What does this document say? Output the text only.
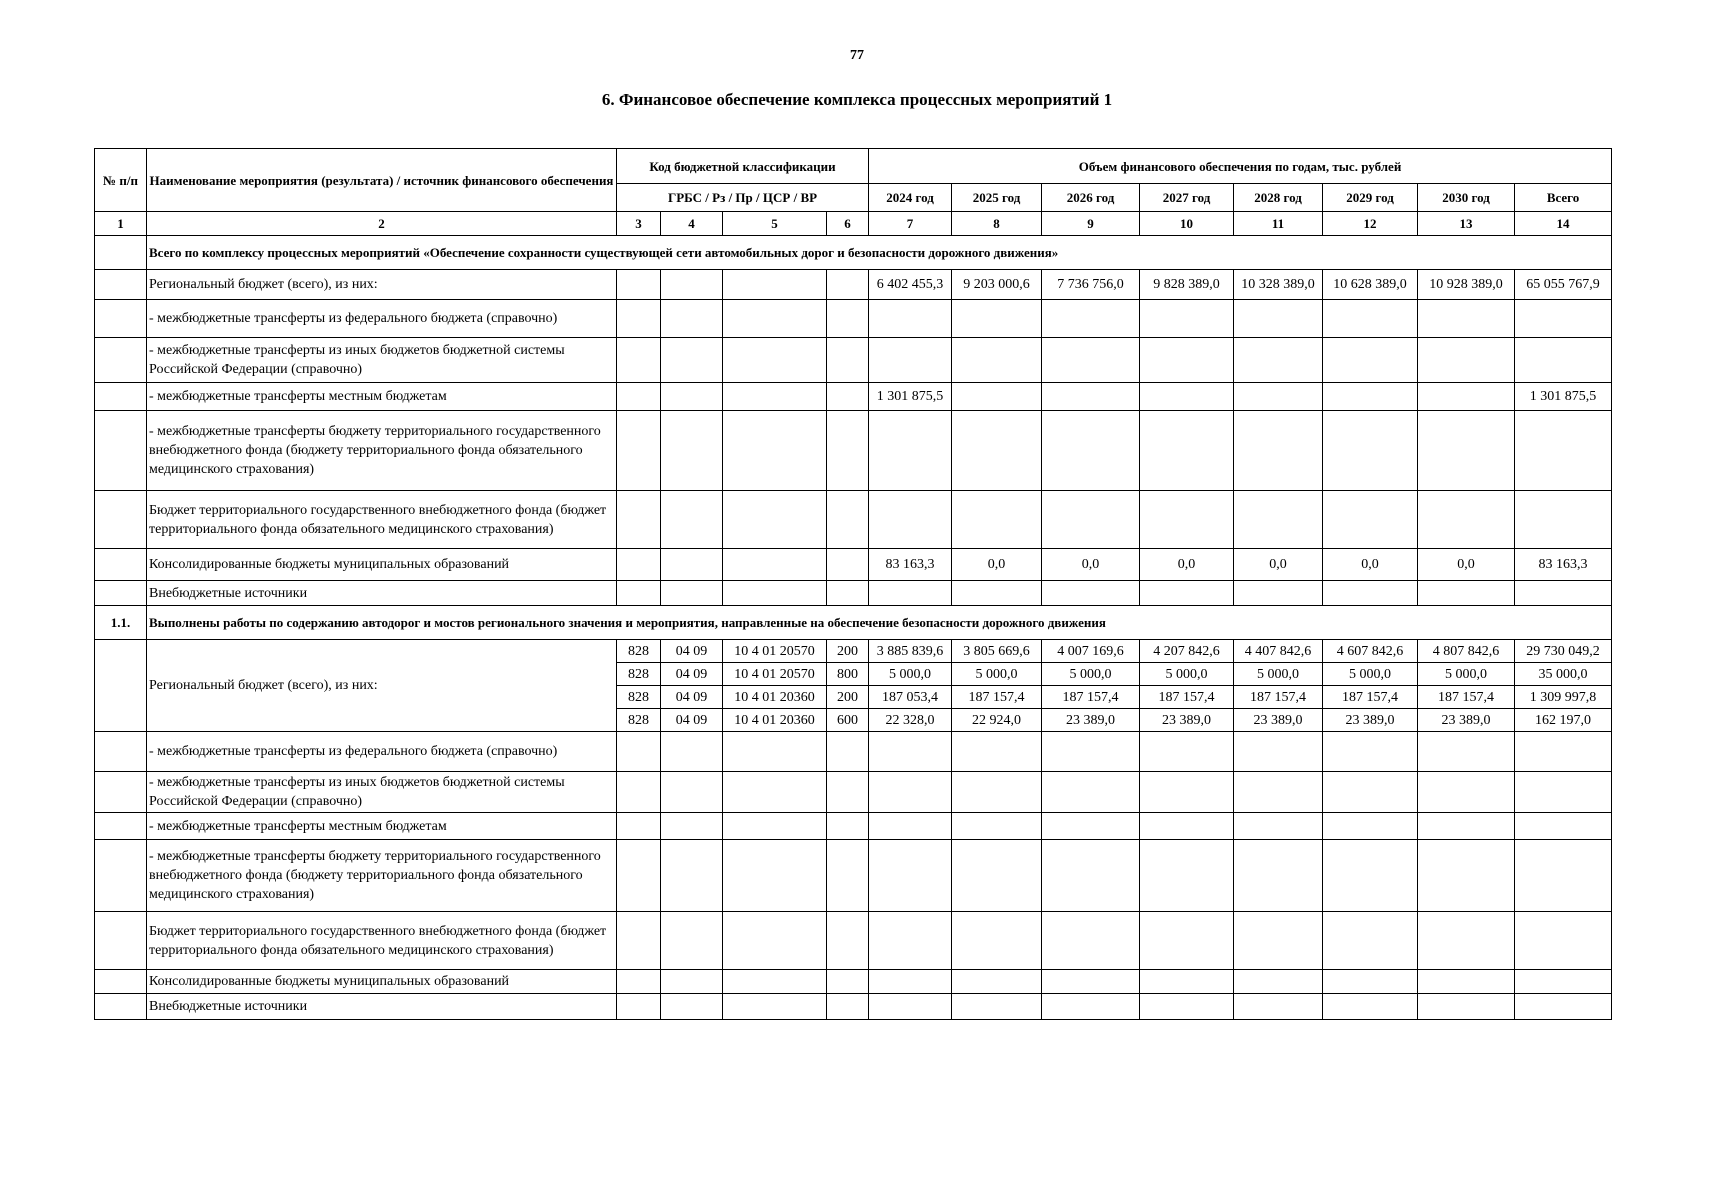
77
6. Финансовое обеспечение комплекса процессных мероприятий 1
№ п/п	Наименование мероприятия (результата) / источник финансового обеспечения	Код бюджетной классификации				Объем финансового обеспечения по годам, тыс. рублей							
		ГРБС / Рз / Пр / ЦСР / ВР				2024 год	2025 год	2026 год	2027 год	2028 год	2029 год	2030 год	Всего
1	2	3	4	5	6	7	8	9	10	11	12	13	14
	Всего по комплексу процессных мероприятий «Обеспечение сохранности существующей сети автомобильных дорог и безопасности дорожного движения»												
	Региональный бюджет (всего), из них:					6 402 455,3	9 203 000,6	7 736 756,0	9 828 389,0	10 328 389,0	10 628 389,0	10 928 389,0	65 055 767,9
	- межбюджетные трансферты из федерального бюджета (справочно)												
	- межбюджетные трансферты из иных бюджетов бюджетной системы Российской Федерации (справочно)												
	- межбюджетные трансферты местным бюджетам					1 301 875,5							1 301 875,5
	- межбюджетные трансферты бюджету территориального государственного внебюджетного фонда (бюджету территориального фонда обязательного медицинского страхования)												
	Бюджет территориального государственного внебюджетного фонда (бюджет территориального фонда обязательного медицинского страхования)												
	Консолидированные бюджеты муниципальных образований					83 163,3	0,0	0,0	0,0	0,0	0,0	0,0	83 163,3
	Внебюджетные источники												
1.1.	Выполнены работы по содержанию автодорог и мостов регионального значения и мероприятия, направленные на обеспечение безопасности дорожного движения												
	Региональный бюджет (всего), из них:	828	04 09	10 4 01 20570	200	3 885 839,6	3 805 669,6	4 007 169,6	4 207 842,6	4 407 842,6	4 607 842,6	4 807 842,6	29 730 049,2
		828	04 09	10 4 01 20570	800	5 000,0	5 000,0	5 000,0	5 000,0	5 000,0	5 000,0	5 000,0	35 000,0
		828	04 09	10 4 01 20360	200	187 053,4	187 157,4	187 157,4	187 157,4	187 157,4	187 157,4	187 157,4	1 309 997,8
		828	04 09	10 4 01 20360	600	22 328,0	22 924,0	23 389,0	23 389,0	23 389,0	23 389,0	23 389,0	162 197,0
	- межбюджетные трансферты из федерального бюджета (справочно)												
	- межбюджетные трансферты из иных бюджетов бюджетной системы Российской Федерации (справочно)												
	- межбюджетные трансферты местным бюджетам												
	- межбюджетные трансферты бюджету территориального государственного внебюджетного фонда (бюджету территориального фонда обязательного медицинского страхования)												
	Бюджет территориального государственного внебюджетного фонда (бюджет территориального фонда обязательного медицинского страхования)												
	Консолидированные бюджеты муниципальных образований												
	Внебюджетные источники												
